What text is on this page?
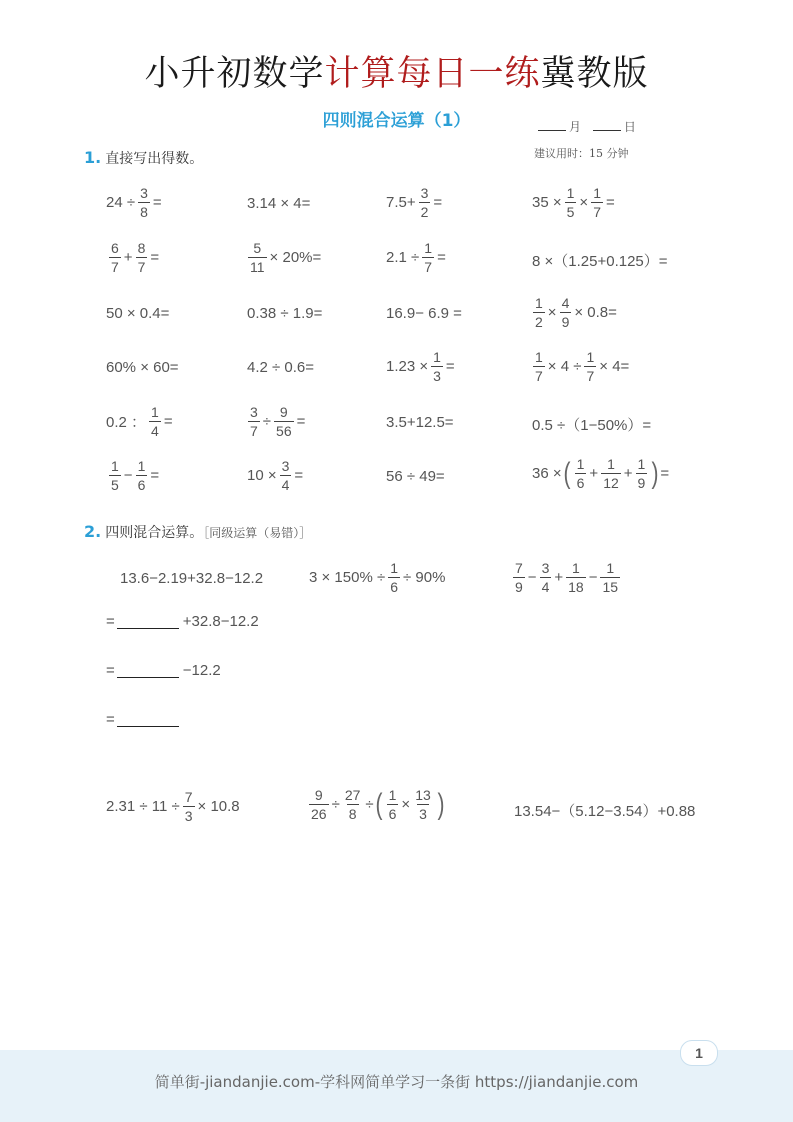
小升初数学计算每日一练冀教版
四则混合运算（1）	月	日
建议用时：15 分钟
1. 直接写出得数。
$24 \div \frac{3}{8}$ =	3.14 × 4=	$7.5+ \frac{3}{2}$ =	$35 \times \frac{1}{5} \times \frac{1}{7}$ =
$\frac{6}{7} + \frac{8}{7}$ =	$\frac{5}{11} \times 20\%=$	$2.1 \div \frac{1}{7}$ =	8 ×（1.25+0.125）=
50 × 0.4=	0.38 ÷ 1.9=	16.9− 6.9 =	$\frac{1}{2} \times \frac{4}{9} \times 0.8=$
60% × 60=	4.2 ÷ 0.6=	$1.23 \times \frac{1}{3}$ =	$\frac{1}{7} \times 4 \div \frac{1}{7} \times 4=$
0.2 ： $\frac{1}{4}$ =	$\frac{3}{7} \div \frac{9}{56}$ =	3.5+12.5=	0.5 ÷（1−50%）=
$\frac{1}{5} - \frac{1}{6}$ =	$10 \times \frac{3}{4}$ =	56 ÷ 49=	36 × ( $\frac{1}{6} + \frac{1}{12} + \frac{1}{9}$ ) =
2. 四则混合运算。［同级运算（易错）］
13.6−2.19+32.8−12.2	$3 \times 150\% \div \frac{1}{6} \div 90\%$	$\frac{7}{9} - \frac{3}{4} + \frac{1}{18} - \frac{1}{15}$
=	+32.8−12.2
=	−12.2
=
$2.31 \div 11 \div \frac{7}{3} \times 10.8$	$\frac{9}{26} \div \frac{27}{8}$ ÷ ( $\frac{1}{6} \times \frac{13}{3}$ )	13.54−（5.12−3.54）+0.88
1
简单街-jiandanjie.com-学科网简单学习一条街 https://jiandanjie.com
